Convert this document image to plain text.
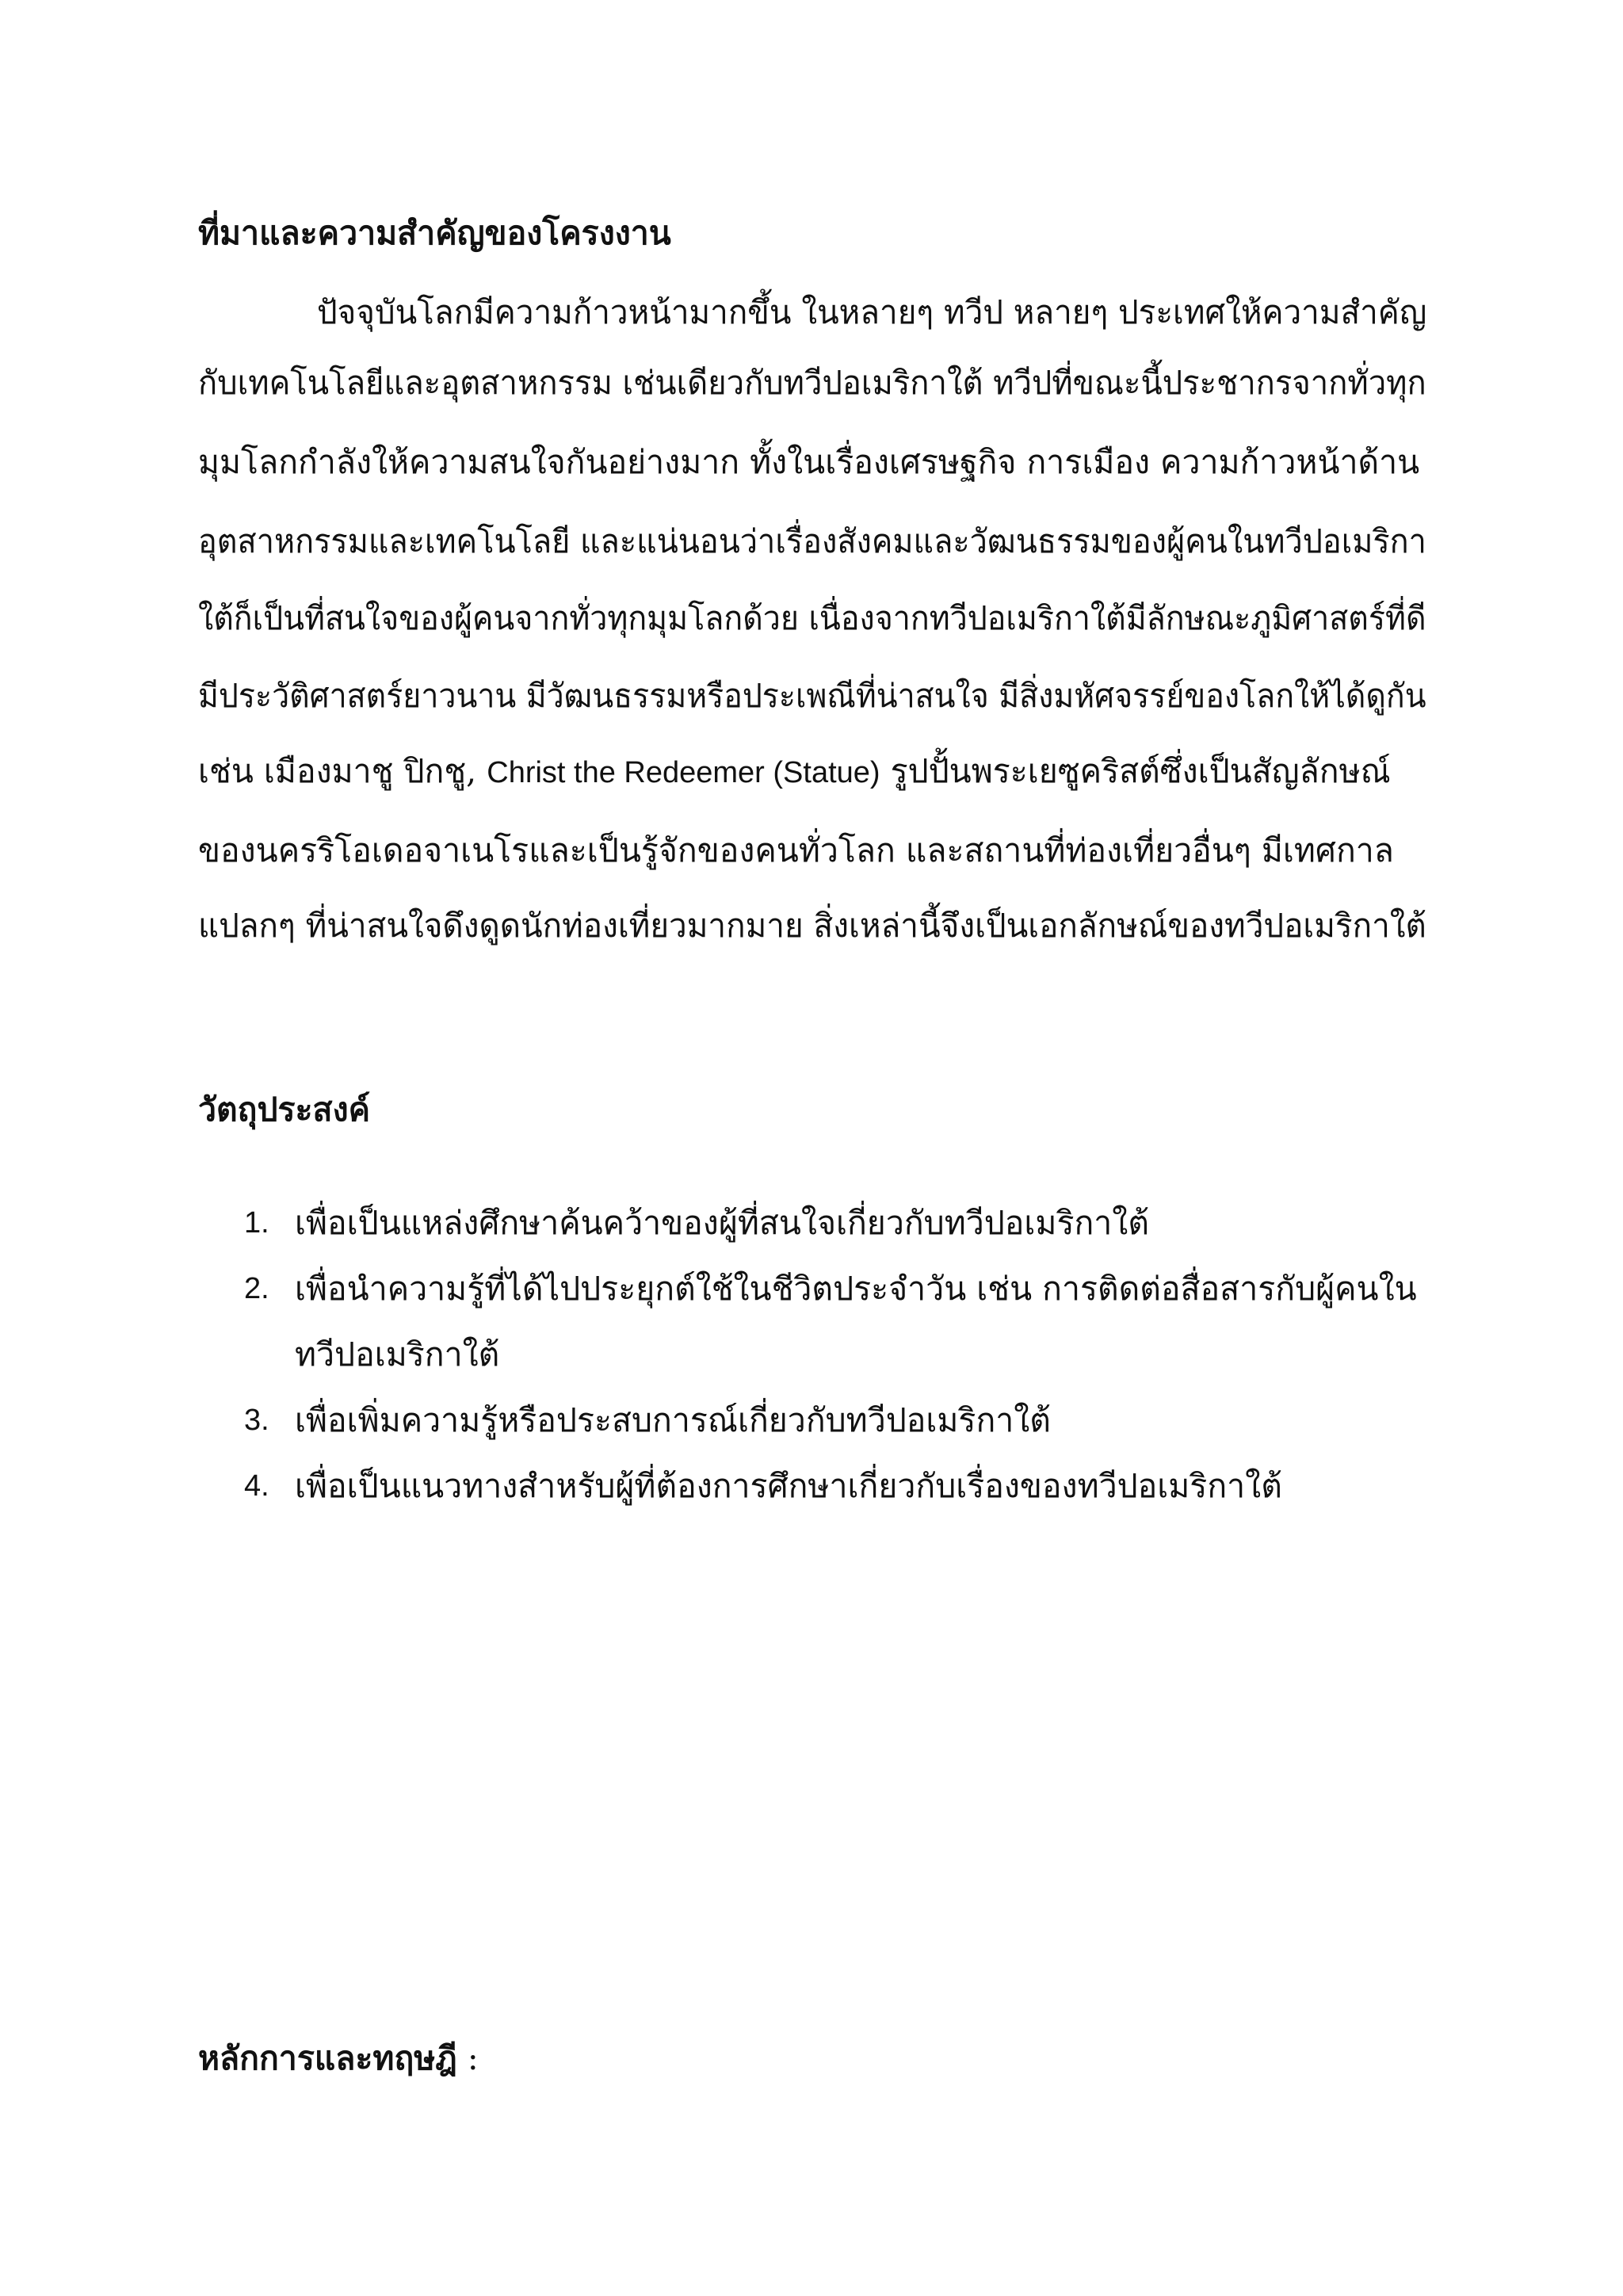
ที่มาและความสำคัญของโครงงาน
ปัจจุบันโลกมีความก้าวหน้ามากขึ้น ในหลายๆ ทวีป หลายๆ ประเทศให้ความสำคัญ
กับเทคโนโลยีและอุตสาหกรรม เช่นเดียวกับทวีปอเมริกาใต้ ทวีปที่ขณะนี้ประชากรจากทั่วทุก
มุมโลกกำลังให้ความสนใจกันอย่างมาก ทั้งในเรื่องเศรษฐกิจ การเมือง ความก้าวหน้าด้าน
อุตสาหกรรมและเทคโนโลยี และแน่นอนว่าเรื่องสังคมและวัฒนธรรมของผู้คนในทวีปอเมริกา
ใต้ก็เป็นที่สนใจของผู้คนจากทั่วทุกมุมโลกด้วย เนื่องจากทวีปอเมริกาใต้มีลักษณะภูมิศาสตร์ที่ดี
มีประวัติศาสตร์ยาวนาน มีวัฒนธรรมหรือประเพณีที่น่าสนใจ มีสิ่งมหัศจรรย์ของโลกให้ได้ดูกัน
เช่น เมืองมาชู ปิกชู, Christ the Redeemer (Statue) รูปปั้นพระเยซูคริสต์ซึ่งเป็นสัญลักษณ์
ของนครริโอเดอจาเนโรและเป็นรู้จักของคนทั่วโลก และสถานที่ท่องเที่ยวอื่นๆ มีเทศกาล
แปลกๆ ที่น่าสนใจดึงดูดนักท่องเที่ยวมากมาย สิ่งเหล่านี้จึงเป็นเอกลักษณ์ของทวีปอเมริกาใต้
วัตถุประสงค์
1. เพื่อเป็นแหล่งศึกษาค้นคว้าของผู้ที่สนใจเกี่ยวกับทวีปอเมริกาใต้
2. เพื่อนำความรู้ที่ได้ไปประยุกต์ใช้ในชีวิตประจำวัน เช่น การติดต่อสื่อสารกับผู้คนใน
ทวีปอเมริกาใต้
3. เพื่อเพิ่มความรู้หรือประสบการณ์เกี่ยวกับทวีปอเมริกาใต้
4. เพื่อเป็นแนวทางสำหรับผู้ที่ต้องการศึกษาเกี่ยวกับเรื่องของทวีปอเมริกาใต้
หลักการและทฤษฎี :
